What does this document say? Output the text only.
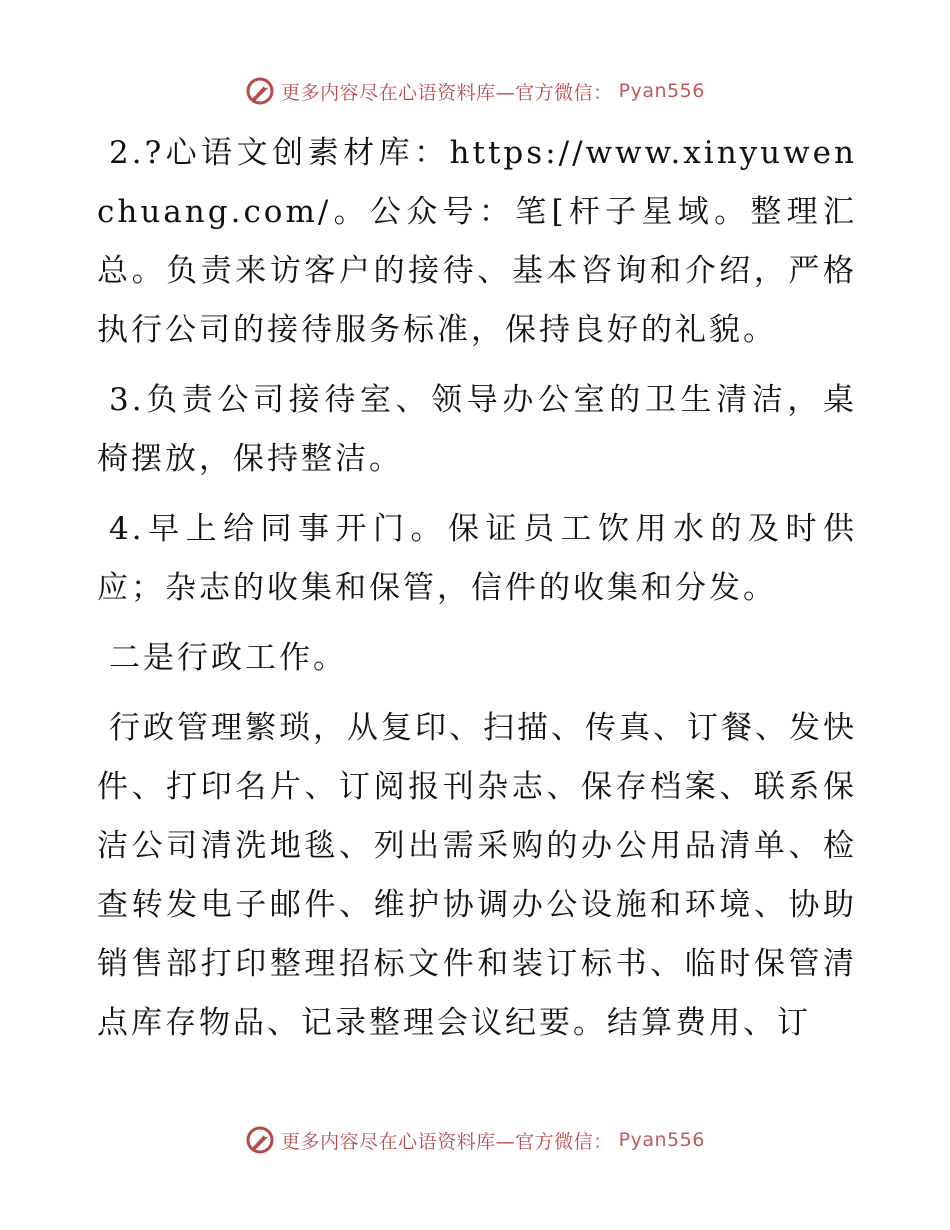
更多内容尽在心语资料库—官方微信： Pyan556

2.?心语文创素材库：https://www.xinyuwenchuang.com/。公众号：笔[杆子星域。整理汇总。负责来访客户的接待、基本咨询和介绍，严格执行公司的接待服务标准，保持良好的礼貌。

3.负责公司接待室、领导办公室的卫生清洁，桌椅摆放，保持整洁。

4.早上给同事开门。保证员工饮用水的及时供应；杂志的收集和保管，信件的收集和分发。

二是行政工作。

行政管理繁琐，从复印、扫描、传真、订餐、发快件、打印名片、订阅报刊杂志、保存档案、联系保洁公司清洗地毯、列出需采购的办公用品清单、检查转发电子邮件、维护协调办公设施和环境、协助销售部打印整理招标文件和装订标书、临时保管清点库存物品、记录整理会议纪要。结算费用、订

更多内容尽在心语资料库—官方微信： Pyan556
